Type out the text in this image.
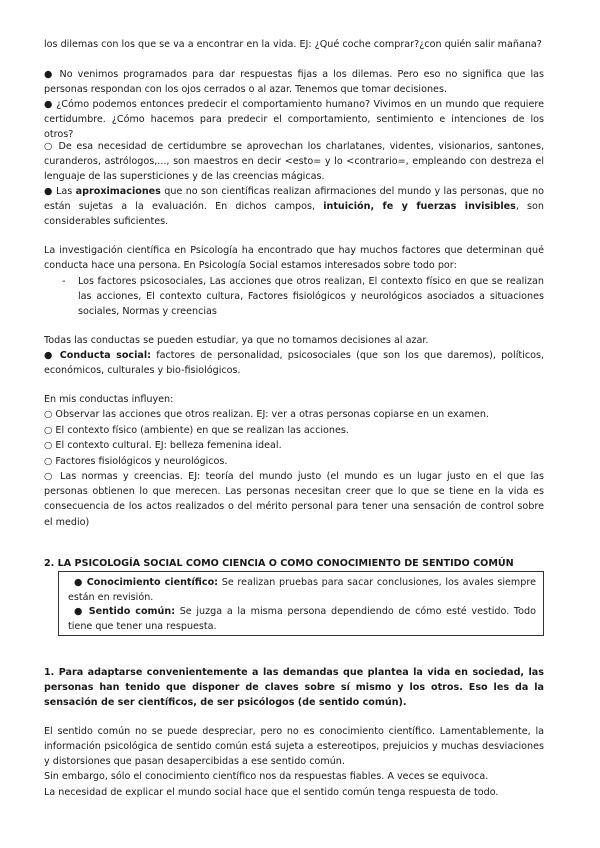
los dilemas con los que se va a encontrar en la vida. EJ: ¿Qué coche comprar?¿con quién salir mañana?

● No venimos programados para dar respuestas fijas a los dilemas. Pero eso no significa que las personas respondan con los ojos cerrados o al azar. Tenemos que tomar decisiones.

● ¿Cómo podemos entonces predecir el comportamiento humano? Vivimos en un mundo que requiere certidumbre. ¿Cómo hacemos para predecir el comportamiento, sentimiento e intenciones de los otros?

○ De esa necesidad de certidumbre se aprovechan los charlatanes, videntes, visionarios, santones, curanderos, astrólogos,..., son maestros en decir <esto= y lo <contrario=, empleando con destreza el lenguaje de las supersticiones y de las creencias mágicas.

● Las aproximaciones que no son científicas realizan afirmaciones del mundo y las personas, que no están sujetas a la evaluación. En dichos campos, intuición, fe y fuerzas invisibles, son considerables suficientes.

La investigación científica en Psicología ha encontrado que hay muchos factores que determinan qué conducta hace una persona. En Psicología Social estamos interesados sobre todo por:

- Los factores psicosociales, Las acciones que otros realizan, El contexto físico en que se realizan las acciones, El contexto cultura, Factores fisiológicos y neurológicos asociados a situaciones sociales, Normas y creencias

Todas las conductas se pueden estudiar, ya que no tomamos decisiones al azar.

● Conducta social: factores de personalidad, psicosociales (que son los que daremos), políticos, económicos, culturales y bio-fisiológicos.

En mis conductas influyen:

○ Observar las acciones que otros realizan. EJ: ver a otras personas copiarse en un examen.

○ El contexto físico (ambiente) en que se realizan las acciones.

○ El contexto cultural. EJ: belleza femenina ideal.

○ Factores fisiológicos y neurológicos.

○ Las normas y creencias. EJ: teoría del mundo justo (el mundo es un lugar justo en el que las personas obtienen lo que merecen. Las personas necesitan creer que lo que se tiene en la vida es consecuencia de los actos realizados o del mérito personal para tener una sensación de control sobre el medio)

2. LA PSICOLOGÍA SOCIAL COMO CIENCIA O COMO CONOCIMIENTO DE SENTIDO COMÚN
● Conocimiento científico: Se realizan pruebas para sacar conclusiones, los avales siempre están en revisión.
● Sentido común: Se juzga a la misma persona dependiendo de cómo esté vestido. Todo tiene que tener una respuesta.

1. Para adaptarse convenientemente a las demandas que plantea la vida en sociedad, las personas han tenido que disponer de claves sobre sí mismo y los otros. Eso les da la sensación de ser científicos, de ser psicólogos (de sentido común).

El sentido común no se puede despreciar, pero no es conocimiento científico. Lamentablemente, la información psicológica de sentido común está sujeta a estereotipos, prejuicios y muchas desviaciones y distorsiones que pasan desapercibidas a ese sentido común.

Sin embargo, sólo el conocimiento científico nos da respuestas fiables. A veces se equivoca.

La necesidad de explicar el mundo social hace que el sentido común tenga respuesta de todo.
